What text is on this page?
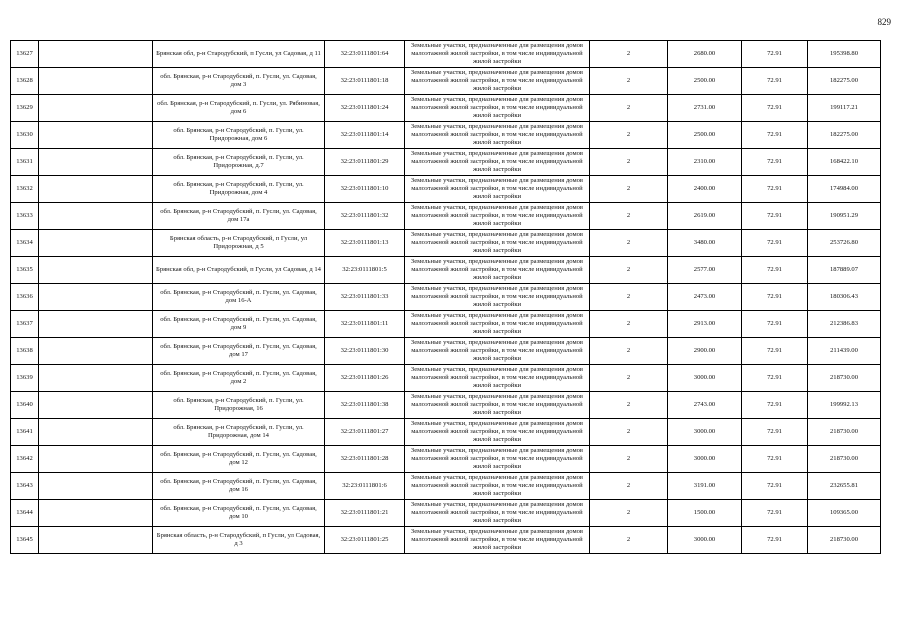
829
13627		Брянская обл, р-н Стародубский, п Гусли, ул Садовая, д 11	32:23:0111801:64	Земельные участки, предназначенные для размещения домов малоэтажной жилой застройки, в том числе индивидуальной жилой застройки	2	2680.00	72.91	195398.80
13628		обл. Брянская, р-н Стародубский, п. Гусли, ул. Садовая, дом 3	32:23:0111801:18	Земельные участки, предназначенные для размещения домов малоэтажной жилой застройки, в том числе индивидуальной жилой застройки	2	2500.00	72.91	182275.00
13629		обл. Брянская, р-н Стародубский, п. Гусли, ул. Рябиновая, дом 6	32:23:0111801:24	Земельные участки, предназначенные для размещения домов малоэтажной жилой застройки, в том числе индивидуальной жилой застройки	2	2731.00	72.91	199117.21
13630		обл. Брянская, р-н Стародубский, п. Гусли, ул. Придорожная, дом 6	32:23:0111801:14	Земельные участки, предназначенные для размещения домов малоэтажной жилой застройки, в том числе индивидуальной жилой застройки	2	2500.00	72.91	182275.00
13631		обл. Брянская, р-н Стародубский, п. Гусли, ул. Придорожная, д.7	32:23:0111801:29	Земельные участки, предназначенные для размещения домов малоэтажной жилой застройки, в том числе индивидуальной жилой застройки	2	2310.00	72.91	168422.10
13632		обл. Брянская, р-н Стародубский, п. Гусли, ул. Придорожная, дом 4	32:23:0111801:10	Земельные участки, предназначенные для размещения домов малоэтажной жилой застройки, в том числе индивидуальной жилой застройки	2	2400.00	72.91	174984.00
13633		обл. Брянская, р-н Стародубский, п. Гусли, ул. Садовая, дом 17а	32:23:0111801:32	Земельные участки, предназначенные для размещения домов малоэтажной жилой застройки, в том числе индивидуальной жилой застройки	2	2619.00	72.91	190951.29
13634		Брянская область, р-н Стародубский, п Гусли, ул Придорожная, д 5	32:23:0111801:13	Земельные участки, предназначенные для размещения домов малоэтажной жилой застройки, в том числе индивидуальной жилой застройки	2	3480.00	72.91	253726.80
13635		Брянская обл, р-н Стародубский, п Гусли, ул Садовая, д 14	32:23:0111801:5	Земельные участки, предназначенные для размещения домов малоэтажной жилой застройки, в том числе индивидуальной жилой застройки	2	2577.00	72.91	187889.07
13636		обл. Брянская, р-н Стародубский, п. Гусли, ул. Садовая, дом 16-А	32:23:0111801:33	Земельные участки, предназначенные для размещения домов малоэтажной жилой застройки, в том числе индивидуальной жилой застройки	2	2473.00	72.91	180306.43
13637		обл. Брянская, р-н Стародубский, п. Гусли, ул. Садовая, дом 9	32:23:0111801:11	Земельные участки, предназначенные для размещения домов малоэтажной жилой застройки, в том числе индивидуальной жилой застройки	2	2913.00	72.91	212386.83
13638		обл. Брянская, р-н Стародубский, п. Гусли, ул. Садовая, дом 17	32:23:0111801:30	Земельные участки, предназначенные для размещения домов малоэтажной жилой застройки, в том числе индивидуальной жилой застройки	2	2900.00	72.91	211439.00
13639		обл. Брянская, р-н Стародубский, п. Гусли, ул. Садовая, дом 2	32:23:0111801:26	Земельные участки, предназначенные для размещения домов малоэтажной жилой застройки, в том числе индивидуальной жилой застройки	2	3000.00	72.91	218730.00
13640		обл. Брянская, р-н Стародубский, п. Гусли, ул. Придорожная, 16	32:23:0111801:38	Земельные участки, предназначенные для размещения домов малоэтажной жилой застройки, в том числе индивидуальной жилой застройки	2	2743.00	72.91	199992.13
13641		обл. Брянская, р-н Стародубский, п. Гусли, ул. Придорожная, дом 14	32:23:0111801:27	Земельные участки, предназначенные для размещения домов малоэтажной жилой застройки, в том числе индивидуальной жилой застройки	2	3000.00	72.91	218730.00
13642		обл. Брянская, р-н Стародубский, п. Гусли, ул. Садовая, дом 12	32:23:0111801:28	Земельные участки, предназначенные для размещения домов малоэтажной жилой застройки, в том числе индивидуальной жилой застройки	2	3000.00	72.91	218730.00
13643		обл. Брянская, р-н Стародубский, п. Гусли, ул. Садовая, дом 16	32:23:0111801:6	Земельные участки, предназначенные для размещения домов малоэтажной жилой застройки, в том числе индивидуальной жилой застройки	2	3191.00	72.91	232655.81
13644		обл. Брянская, р-н Стародубский, п. Гусли, ул. Садовая, дом 10	32:23:0111801:21	Земельные участки, предназначенные для размещения домов малоэтажной жилой застройки, в том числе индивидуальной жилой застройки	2	1500.00	72.91	109365.00
13645		Брянская область, р-н Стародубский, п Гусли, ул Садовая, д 3	32:23:0111801:25	Земельные участки, предназначенные для размещения домов малоэтажной жилой застройки, в том числе индивидуальной жилой застройки	2	3000.00	72.91	218730.00
